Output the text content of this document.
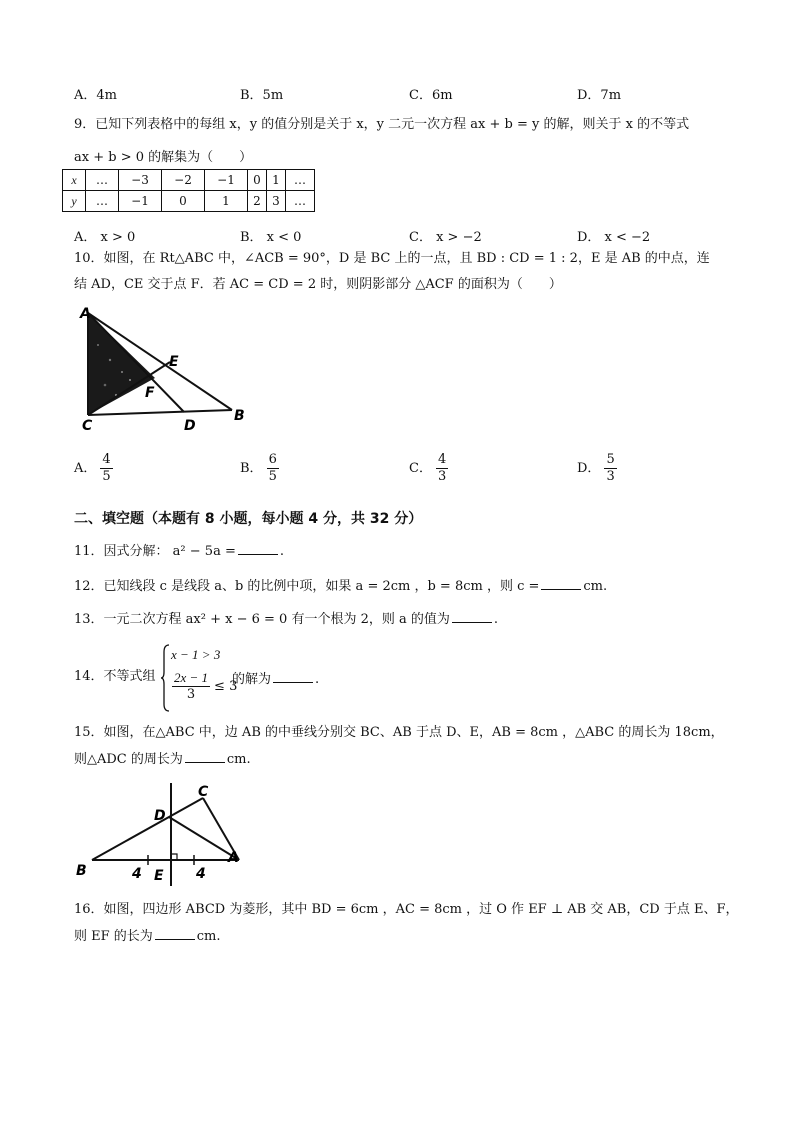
A．4m	B．5m	C．6m	D．7m
9．已知下列表格中的每组 x，y 的值分别是关于 x，y 二元一次方程 ax + b = y 的解，则关于 x 的不等式
ax + b > 0 的解集为（　　）
x	…	−3	−2	−1	0	1	…
y	…	−1	0	1	2	3	…
A． x > 0	B． x < 0	C． x > −2	D． x < −2
10．如图，在 Rt△ABC 中，∠ACB = 90°，D 是 BC 上的一点，且 BD : CD = 1 : 2，E 是 AB 的中点，连
结 AD，CE 交于点 F．若 AC = CD = 2 时，则阴影部分 △ACF 的面积为（　　）
A
B
C	D
E
F
A． $\frac{4}{5}$	B． $\frac{6}{5}$	C． $\frac{4}{3}$	D． $\frac{5}{3}$
二、填空题（本题有 8 小题，每小题 4 分，共 32 分）
11．因式分解： a² − 5a =	.
12．已知线段 c 是线段 a、b 的比例中项，如果 a = 2cm ，b = 8cm ，则 c =	cm.
13．一元二次方程 ax² + x − 6 = 0 有一个根为 2，则 a 的值为	.
14．不等式组
x − 1 > 3
$\frac{2x - 1}{3} \le 3$
的解为	.
15．如图，在△ABC 中，边 AB 的中垂线分别交 BC、AB 于点 D、E，AB = 8cm ，△ABC 的周长为 18cm，
则△ADC 的周长为	cm.
B
A
C
D
E
4	4
16．如图，四边形 ABCD 为菱形，其中 BD = 6cm ，AC = 8cm ，过 O 作 EF ⊥ AB 交 AB，CD 于点 E、F，
则 EF 的长为	cm.
